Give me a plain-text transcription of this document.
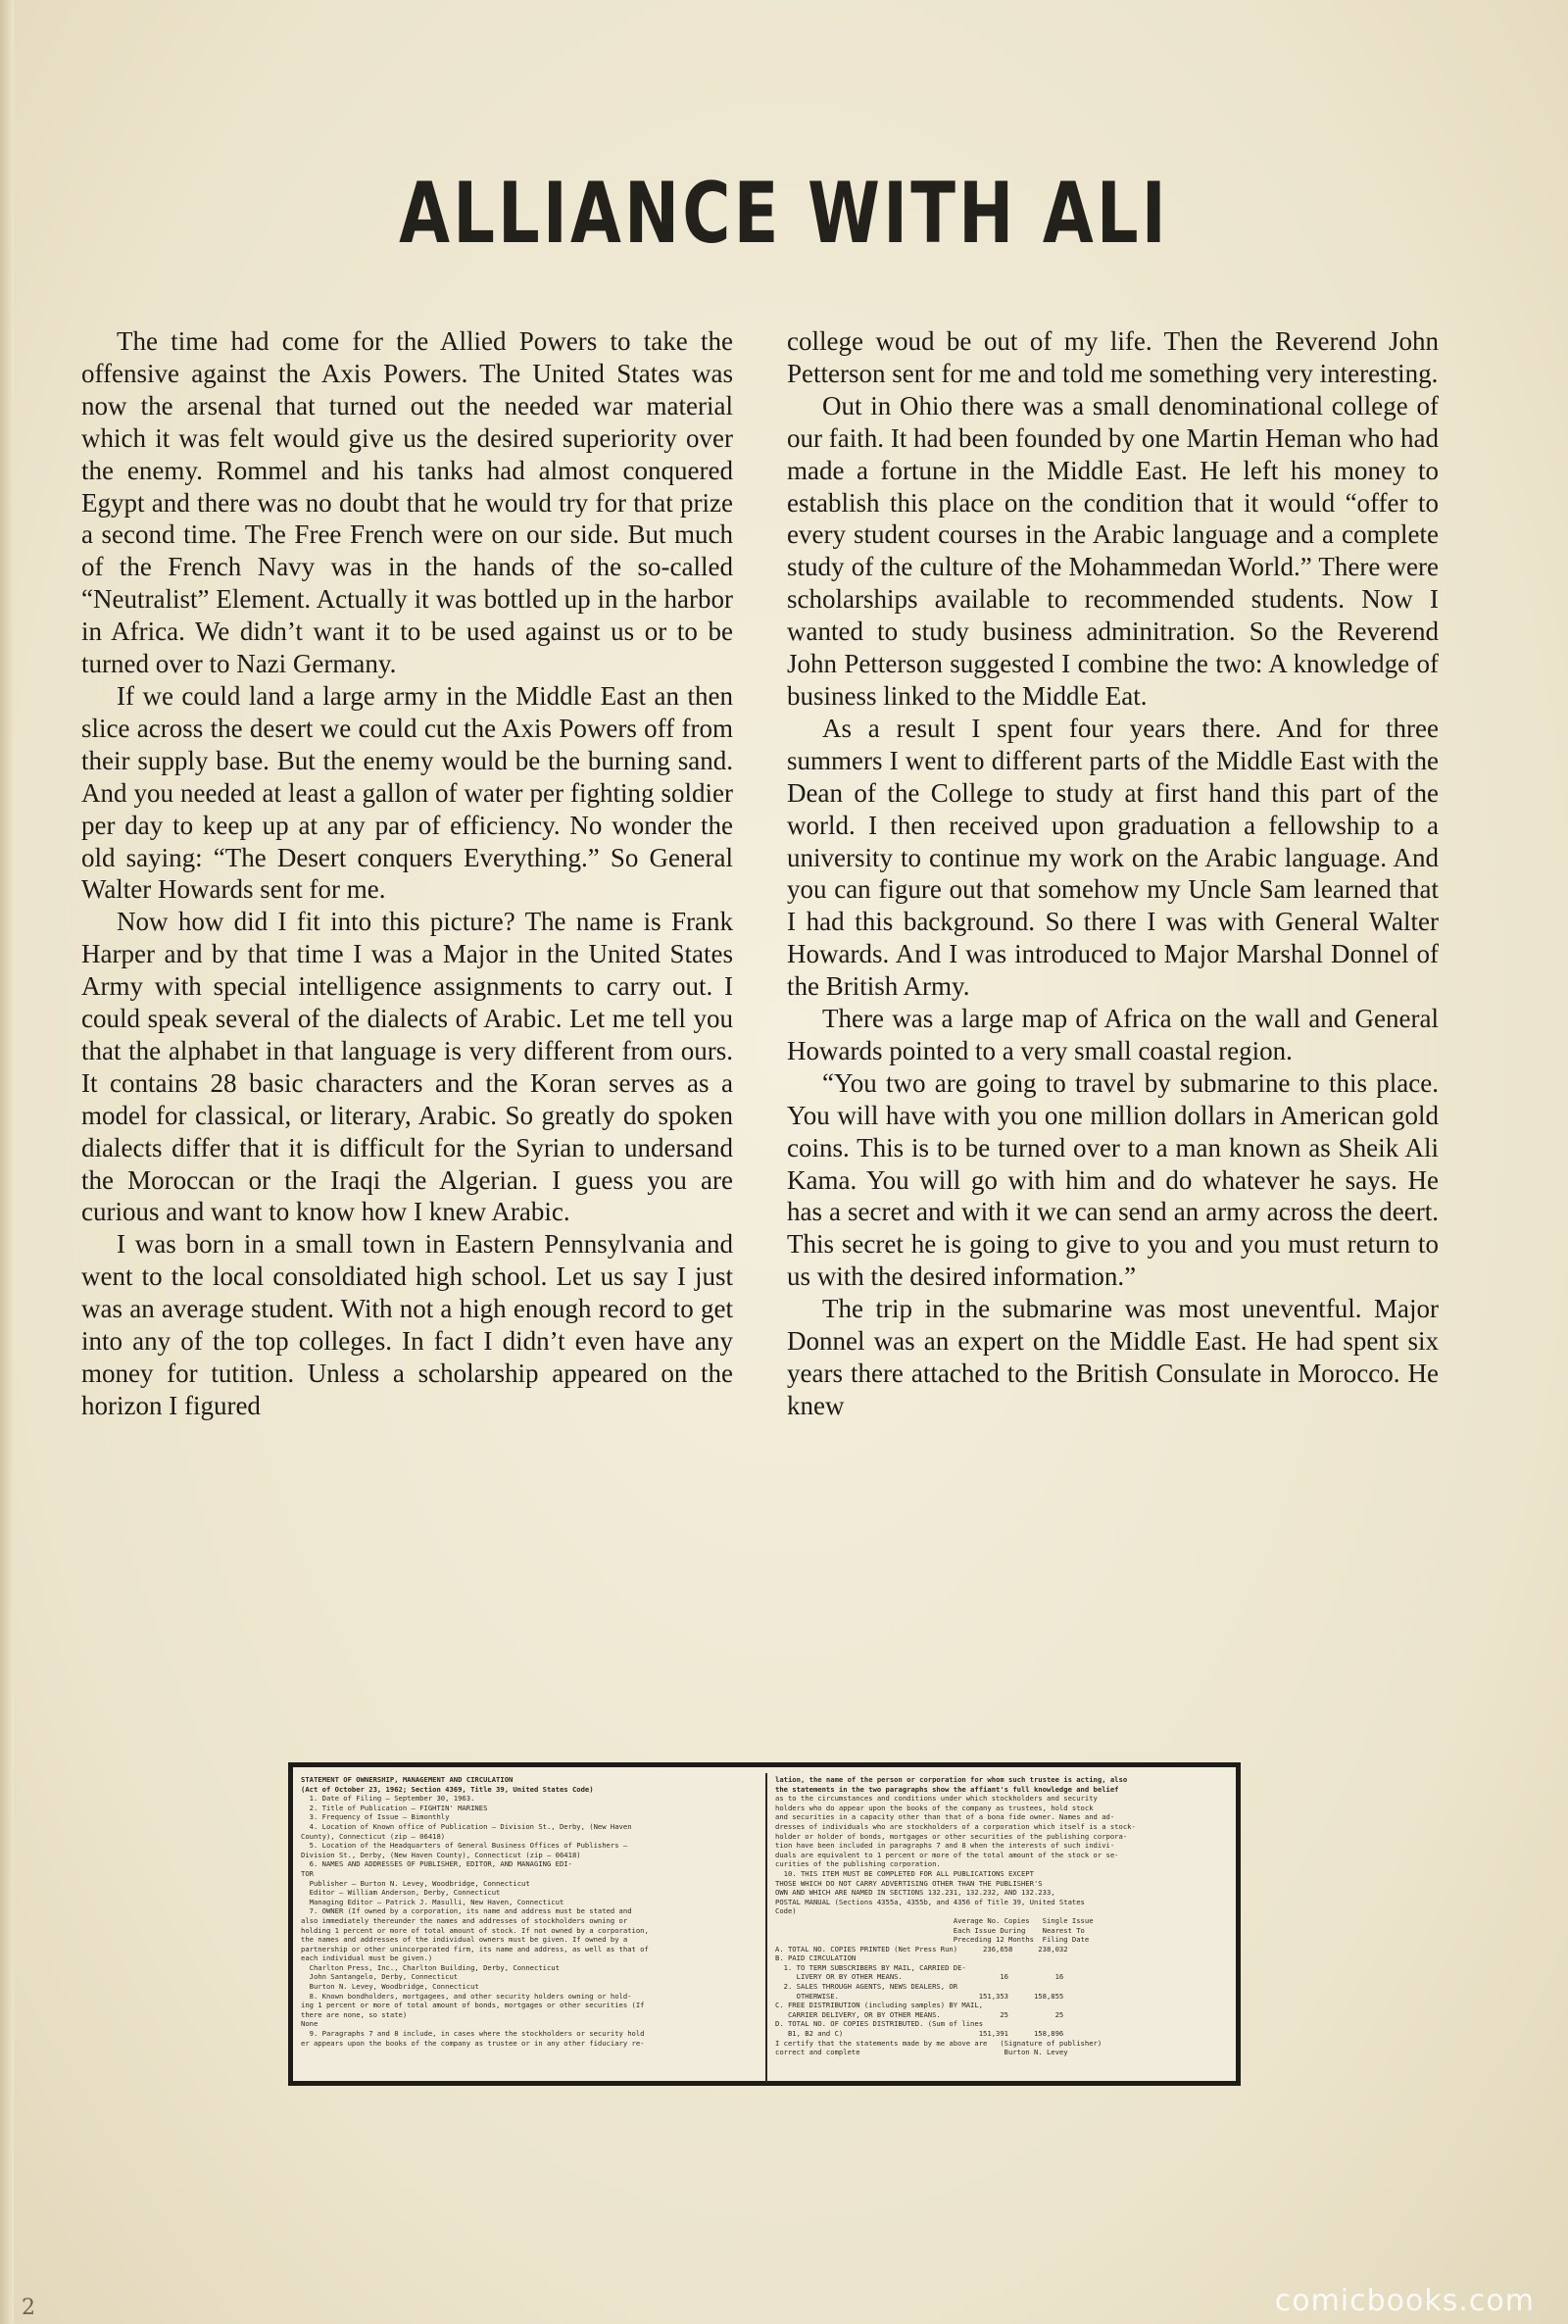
ALLIANCE WITH ALI

The time had come for the Allied Powers to take the offensive against the Axis Powers. The United States was now the arsenal that turned out the needed war material which it was felt would give us the desired superiority over the enemy. Rommel and his tanks had almost conquered Egypt and there was no doubt that he would try for that prize a second time. The Free French were on our side. But much of the French Navy was in the hands of the so-called “Neutralist” Element. Actually it was bottled up in the harbor in Africa. We didn’t want it to be used against us or to be turned over to Nazi Germany.

If we could land a large army in the Middle East an then slice across the desert we could cut the Axis Powers off from their supply base. But the enemy would be the burning sand. And you needed at least a gallon of water per fighting soldier per day to keep up at any par of efficiency. No wonder the old saying: “The Desert conquers Everything.” So General Walter Howards sent for me.

Now how did I fit into this picture? The name is Frank Harper and by that time I was a Major in the United States Army with special intelligence assignments to carry out. I could speak several of the dialects of Arabic. Let me tell you that the alphabet in that language is very different from ours. It contains 28 basic characters and the Koran serves as a model for classical, or literary, Arabic. So greatly do spoken dialects differ that it is difficult for the Syrian to undersand the Moroccan or the Iraqi the Algerian. I guess you are curious and want to know how I knew Arabic.

I was born in a small town in Eastern Pennsylvania and went to the local consoldiated high school. Let us say I just was an average student. With not a high enough record to get into any of the top colleges. In fact I didn’t even have any money for tutition. Unless a scholarship appeared on the horizon I figured

college woud be out of my life. Then the Reverend John Petterson sent for me and told me something very interesting.

Out in Ohio there was a small denominational college of our faith. It had been founded by one Martin Heman who had made a fortune in the Middle East. He left his money to establish this place on the condition that it would “offer to every student courses in the Arabic language and a complete study of the culture of the Mohammedan World.” There were scholarships available to recommended students. Now I wanted to study business adminitration. So the Reverend John Petterson suggested I combine the two: A knowledge of business linked to the Middle Eat.

As a result I spent four years there. And for three summers I went to different parts of the Middle East with the Dean of the College to study at first hand this part of the world. I then received upon graduation a fellowship to a university to continue my work on the Arabic language. And you can figure out that somehow my Uncle Sam learned that I had this background. So there I was with General Walter Howards. And I was introduced to Major Marshal Donnel of the British Army.

There was a large map of Africa on the wall and General Howards pointed to a very small coastal region.

“You two are going to travel by submarine to this place. You will have with you one million dollars in American gold coins. This is to be turned over to a man known as Sheik Ali Kama. You will go with him and do whatever he says. He has a secret and with it we can send an army across the deert. This secret he is going to give to you and you must return to us with the desired information.”

The trip in the submarine was most uneventful. Major Donnel was an expert on the Middle East. He had spent six years there attached to the British Consulate in Morocco. He knew

STATEMENT OF OWNERSHIP, MANAGEMENT AND CIRCULATION
(Act of October 23, 1962; Section 4369, Title 39, United States Code)
1. Date of Filing — September 30, 1963.
2. Title of Publication — FIGHTIN' MARINES
3. Frequency of Issue — Bimonthly
4. Location of Known office of Publication — Division St., Derby, (New Haven
County), Connecticut (zip — 06418)
5. Location of the Headquarters of General Business Offices of Publishers —
Division St., Derby, (New Haven County), Connecticut (zip — 06418)
6. NAMES AND ADDRESSES OF PUBLISHER, EDITOR, AND MANAGING EDI-
TOR
Publisher — Burton N. Levey, Woodbridge, Connecticut
Editor — William Anderson, Derby, Connecticut
Managing Editor — Patrick J. Masulli, New Haven, Connecticut
7. OWNER (If owned by a corporation, its name and address must be stated and
also immediately thereunder the names and addresses of stockholders owning or
holding 1 percent or more of total amount of stock. If not owned by a corporation,
the names and addresses of the individual owners must be given. If owned by a
partnership or other unincorporated firm, its name and address, as well as that of
each individual must be given.)
Charlton Press, Inc., Charlton Building, Derby, Connecticut
John Santangelo, Derby, Connecticut
Burton N. Levey, Woodbridge, Connecticut
8. Known bondholders, mortgagees, and other security holders owning or hold-
ing 1 percent or more of total amount of bonds, mortgages or other securities (If
there are none, so state)
None
9. Paragraphs 7 and 8 include, in cases where the stockholders or security hold
er appears upon the books of the company as trustee or in any other fiduciary re-
lation, the name of the person or corporation for whom such trustee is acting, also
the statements in the two paragraphs show the affiant's full knowledge and belief
as to the circumstances and conditions under which stockholders and security
holders who do appear upon the books of the company as trustees, hold stock
and securities in a capacity other than that of a bona fide owner. Names and ad-
dresses of individuals who are stockholders of a corporation which itself is a stock-
holder or holder of bonds, mortgages or other securities of the publishing corpora-
tion have been included in paragraphs 7 and 8 when the interests of such indivi-
duals are equivalent to 1 percent or more of the total amount of the stock or se-
curities of the publishing corporation.
10. THIS ITEM MUST BE COMPLETED FOR ALL PUBLICATIONS EXCEPT
THOSE WHICH DO NOT CARRY ADVERTISING OTHER THAN THE PUBLISHER'S
OWN AND WHICH ARE NAMED IN SECTIONS 132.231, 132.232, AND 132.233,
POSTAL MANUAL (Sections 4355a, 4355b, and 4356 of Title 39, United States
Code)
Average No. Copies   Single Issue
Each Issue During    Nearest To
Preceding 12 Months  Filing Date
A. TOTAL NO. COPIES PRINTED (Net Press Run)      236,658      238,032
B. PAID CIRCULATION
1. TO TERM SUBSCRIBERS BY MAIL, CARRIED DE-
LIVERY OR BY OTHER MEANS.                       16           16
2. SALES THROUGH AGENTS, NEWS DEALERS, OR
OTHERWISE.                                 151,353      158,855
C. FREE DISTRIBUTION (including samples) BY MAIL,
CARRIER DELIVERY, OR BY OTHER MEANS.              25           25
D. TOTAL NO. OF COPIES DISTRIBUTED. (Sum of lines
B1, B2 and C)                                151,391      158,896
I certify that the statements made by me above are   (Signature of publisher)
correct and complete                                  Burton N. Levey
comicbooks.com
2
